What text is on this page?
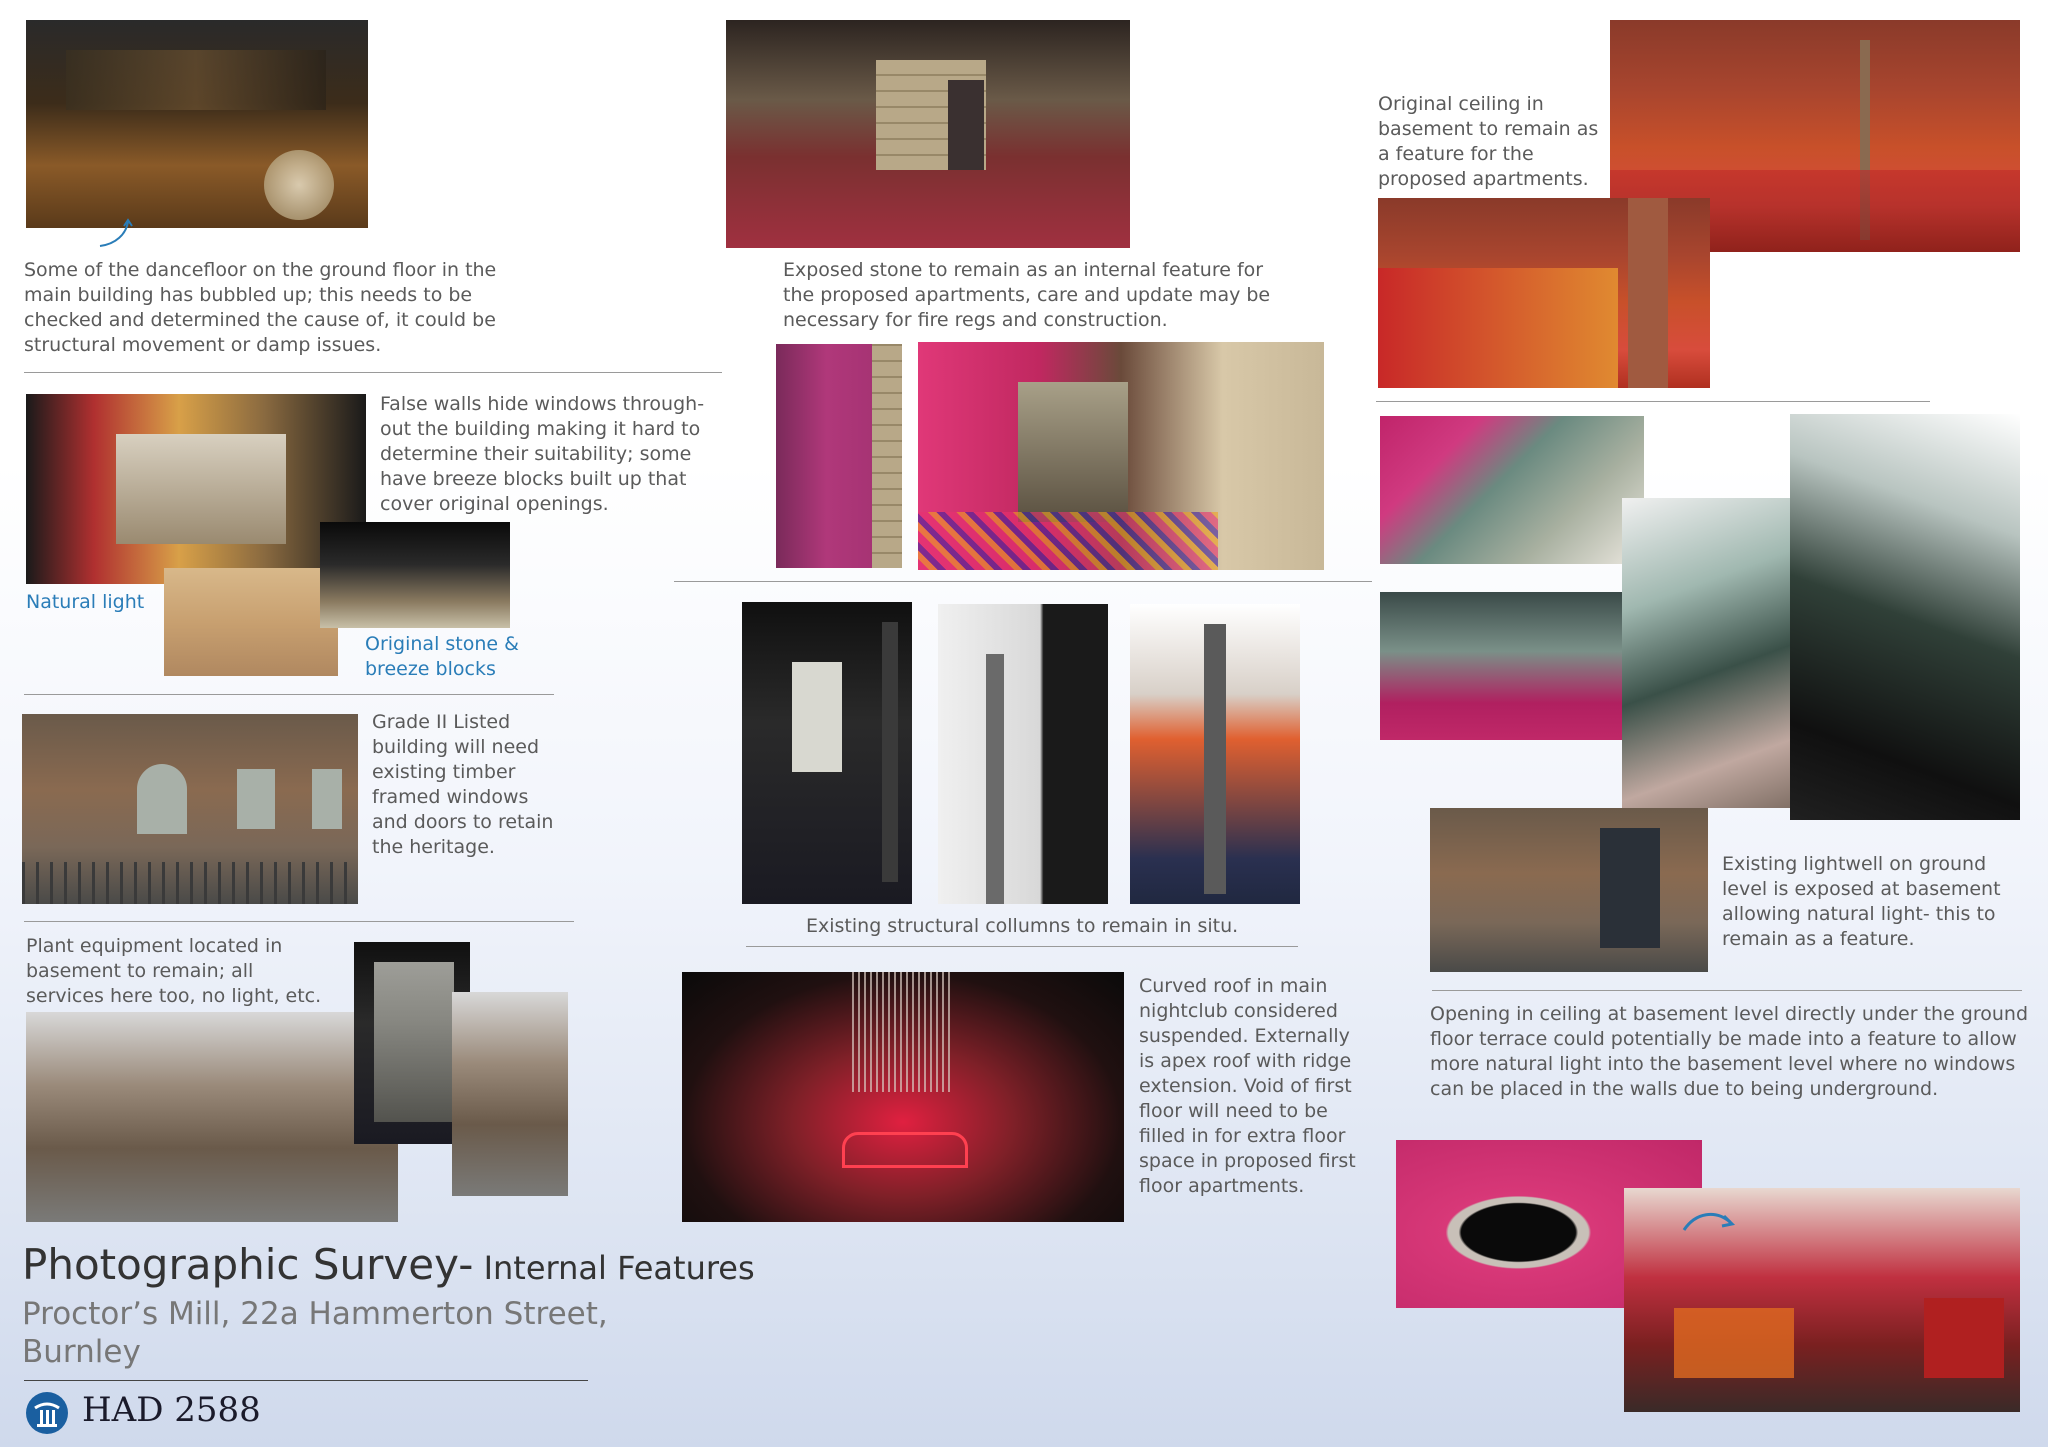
Some of the dancefloor on the ground floor in the main building has bubbled up; this needs to be checked and determined the cause of, it could be structural movement or damp issues.
False walls hide windows through-out the building making it hard to determine their suitability; some have breeze blocks built up that cover original openings.
Natural light
Original stone & breeze blocks
Grade II Listed building will need existing timber framed windows and doors to retain the heritage.
Plant equipment located in basement to remain; all services here too, no light, etc.
Photographic Survey- Internal Features
Proctor’s Mill, 22a Hammerton Street,
Burnley
HAD 2588
Exposed stone to remain as an internal feature for the proposed apartments, care and update may be necessary for fire regs and construction.
Existing structural collumns to remain in situ.
Curved roof in main nightclub considered suspended. Externally is apex roof with ridge extension. Void of first floor will need to be filled in for extra floor space in proposed first floor apartments.
Original ceiling in basement to remain as a feature for the proposed apartments.
Existing lightwell on ground level is exposed at basement allowing natural light- this to remain as a feature.
Opening in ceiling at basement level directly under the ground floor terrace could potentially be made into a feature to allow more natural light into the basement level where no windows can be placed in the walls due to being underground.
